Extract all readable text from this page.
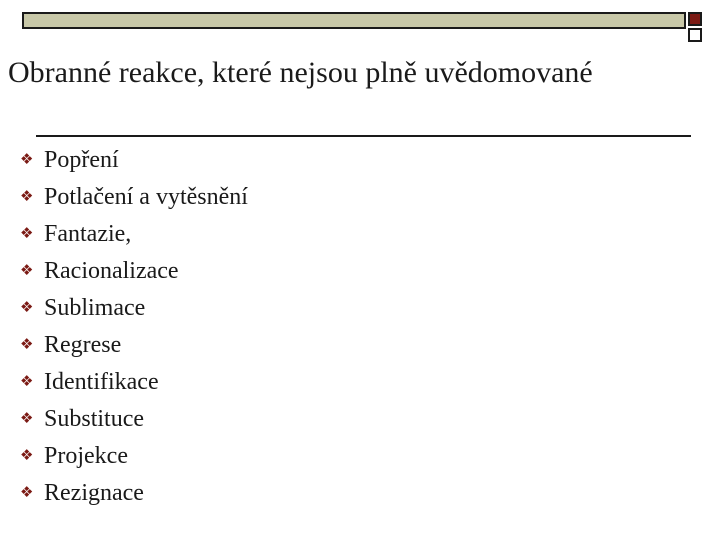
Obranné reakce, které nejsou plně uvědomované
❖ Popření
❖ Potlačení a vytěsnění
❖ Fantazie,
❖ Racionalizace
❖ Sublimace
❖ Regrese
❖ Identifikace
❖ Substituce
❖ Projekce
❖ Rezignace
